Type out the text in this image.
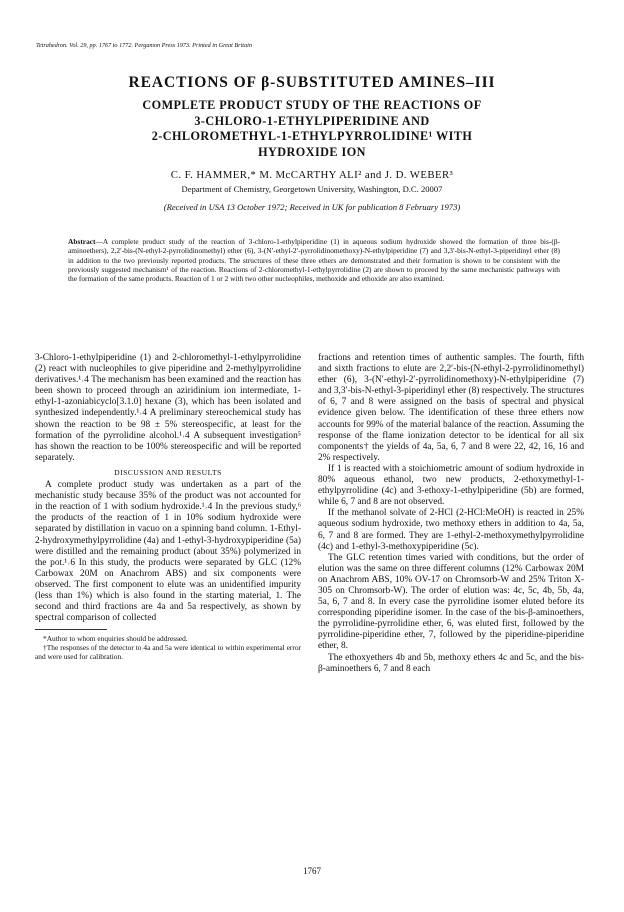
Tetrahedron. Vol. 29, pp. 1767 to 1772. Pergamon Press 1973. Printed in Great Britain

REACTIONS OF β-SUBSTITUTED AMINES–III

COMPLETE PRODUCT STUDY OF THE REACTIONS OF
3-CHLORO-1-ETHYLPIPERIDINE AND
2-CHLOROMETHYL-1-ETHYLPYRROLIDINE¹ WITH
HYDROXIDE ION

C. F. HAMMER,* M. McCARTHY ALI² and J. D. WEBER³
Department of Chemistry, Georgetown University, Washington, D.C. 20007
(Received in USA 13 October 1972; Received in UK for publication 8 February 1973)

Abstract—A complete product study of the reaction of 3-chloro-1-ethylpiperidine (1) in aqueous sodium hydroxide showed the formation of three bis-(β-aminoethers), 2,2′-bis-(N-ethyl-2-pyrrolidinomethyl) ether (6), 3-(N′-ethyl-2′-pyrrolidinomethoxy)-N-ethylpiperidine (7) and 3,3′-bis-N-ethyl-3-piperidinyl ether (8) in addition to the two previously reported products. The structures of these three ethers are demonstrated and their formation is shown to be consistent with the previously suggested mechanism¹ of the reaction. Reactions of 2-chloromethyl-1-ethylpyrrolidine (2) are shown to proceed by the same mechanistic pathways with the formation of the same products. Reaction of 1 or 2 with two other nucleophiles, methoxide and ethoxide are also examined.

3-Chloro-1-ethylpiperidine (1) and 2-chloromethyl-1-ethylpyrrolidine (2) react with nucleophiles to give piperidine and 2-methylpyrrolidine derivatives.¹˒4 The mechanism has been examined and the reaction has been shown to proceed through an aziridinium ion intermediate, 1-ethyl-1-azoniabicyclo[3.1.0] hexane (3), which has been isolated and synthesized independently.¹˒4 A preliminary stereochemical study has shown the reaction to be 98 ± 5% stereospecific, at least for the formation of the pyrrolidine alcohol.¹˒4 A subsequent investigation⁵ has shown the reaction to be 100% stereospecific and will be reported separately.

DISCUSSION AND RESULTS

A complete product study was undertaken as a part of the mechanistic study because 35% of the product was not accounted for in the reaction of 1 with sodium hydroxide.¹˒4 In the previous study,⁶ the products of the reaction of 1 in 10% sodium hydroxide were separated by distillation in vacuo on a spinning band column. 1-Ethyl-2-hydroxymethylpyrrolidine (4a) and 1-ethyl-3-hydroxypiperidine (5a) were distilled and the remaining product (about 35%) polymerized in the pot.¹˒6 In this study, the products were separated by GLC (12% Carbowax 20M on Anachrom ABS) and six components were observed. The first component to elute was an unidentified impurity (less than 1%) which is also found in the starting material, 1. The second and third fractions are 4a and 5a respectively, as shown by spectral comparison of collected

*Author to whom enquiries should be addressed.

†The responses of the detector to 4a and 5a were identical to within experimental error and were used for calibration.

fractions and retention times of authentic samples. The fourth, fifth and sixth fractions to elute are 2,2′-bis-(N-ethyl-2-pyrrolidinomethyl) ether (6), 3-(N′-ethyl-2′-pyrrolidinomethoxy)-N-ethylpiperidine (7) and 3,3′-bis-N-ethyl-3-piperidinyl ether (8) respectively. The structures of 6, 7 and 8 were assigned on the basis of spectral and physical evidence given below. The identification of these three ethers now accounts for 99% of the material balance of the reaction. Assuming the response of the flame ionization detector to be identical for all six components† the yields of 4a, 5a, 6, 7 and 8 were 22, 42, 16, 16 and 2% respectively.

If 1 is reacted with a stoichiometric amount of sodium hydroxide in 80% aqueous ethanol, two new products, 2-ethoxymethyl-1-ethylpyrrolidine (4c) and 3-ethoxy-1-ethylpiperidine (5b) are formed, while 6, 7 and 8 are not observed.

If the methanol solvate of 2-HCl (2-HCl:MeOH) is reacted in 25% aqueous sodium hydroxide, two methoxy ethers in addition to 4a, 5a, 6, 7 and 8 are formed. They are 1-ethyl-2-methoxymethylpyrrolidine (4c) and 1-ethyl-3-methoxypiperidine (5c).

The GLC retention times varied with conditions, but the order of elution was the same on three different columns (12% Carbowax 20M on Anachrom ABS, 10% OV-17 on Chromsorb-W and 25% Triton X-305 on Chromsorb-W). The order of elution was: 4c, 5c, 4b, 5b, 4a, 5a, 6, 7 and 8. In every case the pyrrolidine isomer eluted before its corresponding piperidine isomer. In the case of the bis-β-aminoethers, the pyrrolidine-pyrrolidine ether, 6, was eluted first, followed by the pyrrolidine-piperidine ether, 7, followed by the piperidine-piperidine ether, 8.

The ethoxyethers 4b and 5b, methoxy ethers 4c and 5c, and the bis-β-aminoethers 6, 7 and 8 each

1767
